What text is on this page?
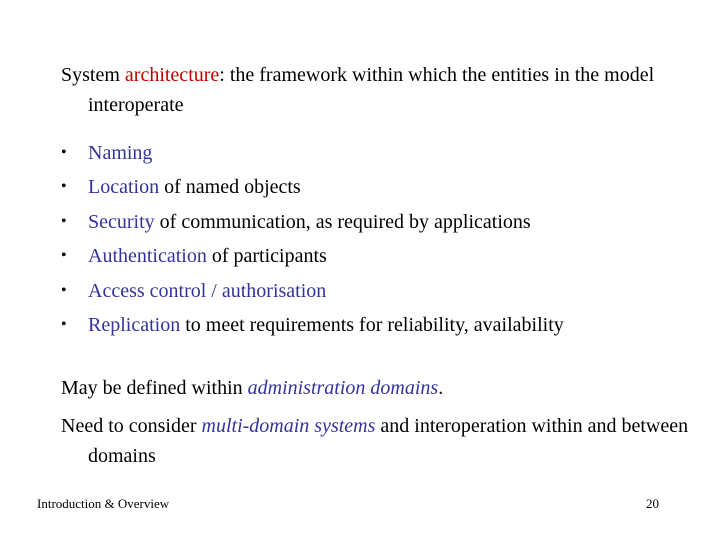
System architecture: the framework within which the entities in the model interoperate
• Naming
• Location of named objects
• Security of communication, as required by applications
• Authentication of participants
• Access control / authorisation
• Replication to meet requirements for reliability, availability
May be defined within administration domains.
Need to consider multi-domain systems and interoperation within and between domains
Introduction & Overview	20
